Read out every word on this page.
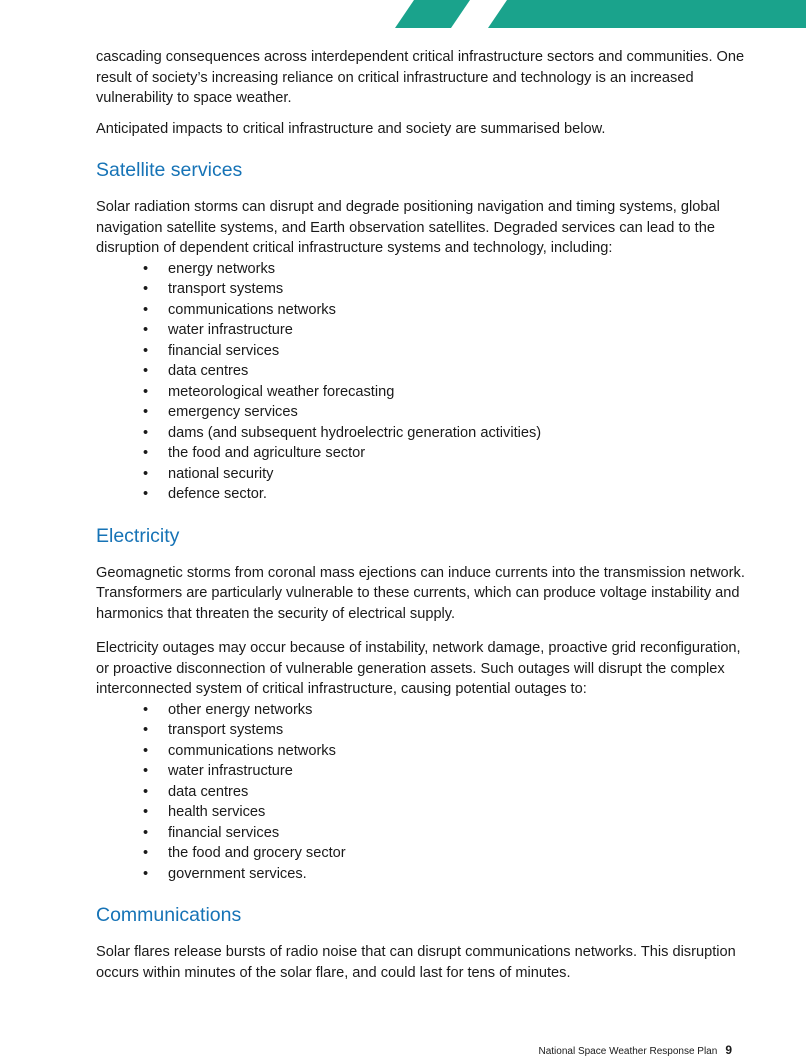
cascading consequences across interdependent critical infrastructure sectors and communities. One result of society’s increasing reliance on critical infrastructure and technology is an increased vulnerability to space weather.

Anticipated impacts to critical infrastructure and society are summarised below.

Satellite services

Solar radiation storms can disrupt and degrade positioning navigation and timing systems, global navigation satellite systems, and Earth observation satellites. Degraded services can lead to the disruption of dependent critical infrastructure systems and technology, including:

• energy networks
• transport systems
• communications networks
• water infrastructure
• financial services
• data centres
• meteorological weather forecasting
• emergency services
• dams (and subsequent hydroelectric generation activities)
• the food and agriculture sector
• national security
• defence sector.
Electricity

Geomagnetic storms from coronal mass ejections can induce currents into the transmission network. Transformers are particularly vulnerable to these currents, which can produce voltage instability and harmonics that threaten the security of electrical supply.

Electricity outages may occur because of instability, network damage, proactive grid reconfiguration, or proactive disconnection of vulnerable generation assets. Such outages will disrupt the complex interconnected system of critical infrastructure, causing potential outages to:

• other energy networks
• transport systems
• communications networks
• water infrastructure
• data centres
• health services
• financial services
• the food and grocery sector
• government services.
Communications

Solar flares release bursts of radio noise that can disrupt communications networks. This disruption occurs within minutes of the solar flare, and could last for tens of minutes.

National Space Weather Response Plan 9
